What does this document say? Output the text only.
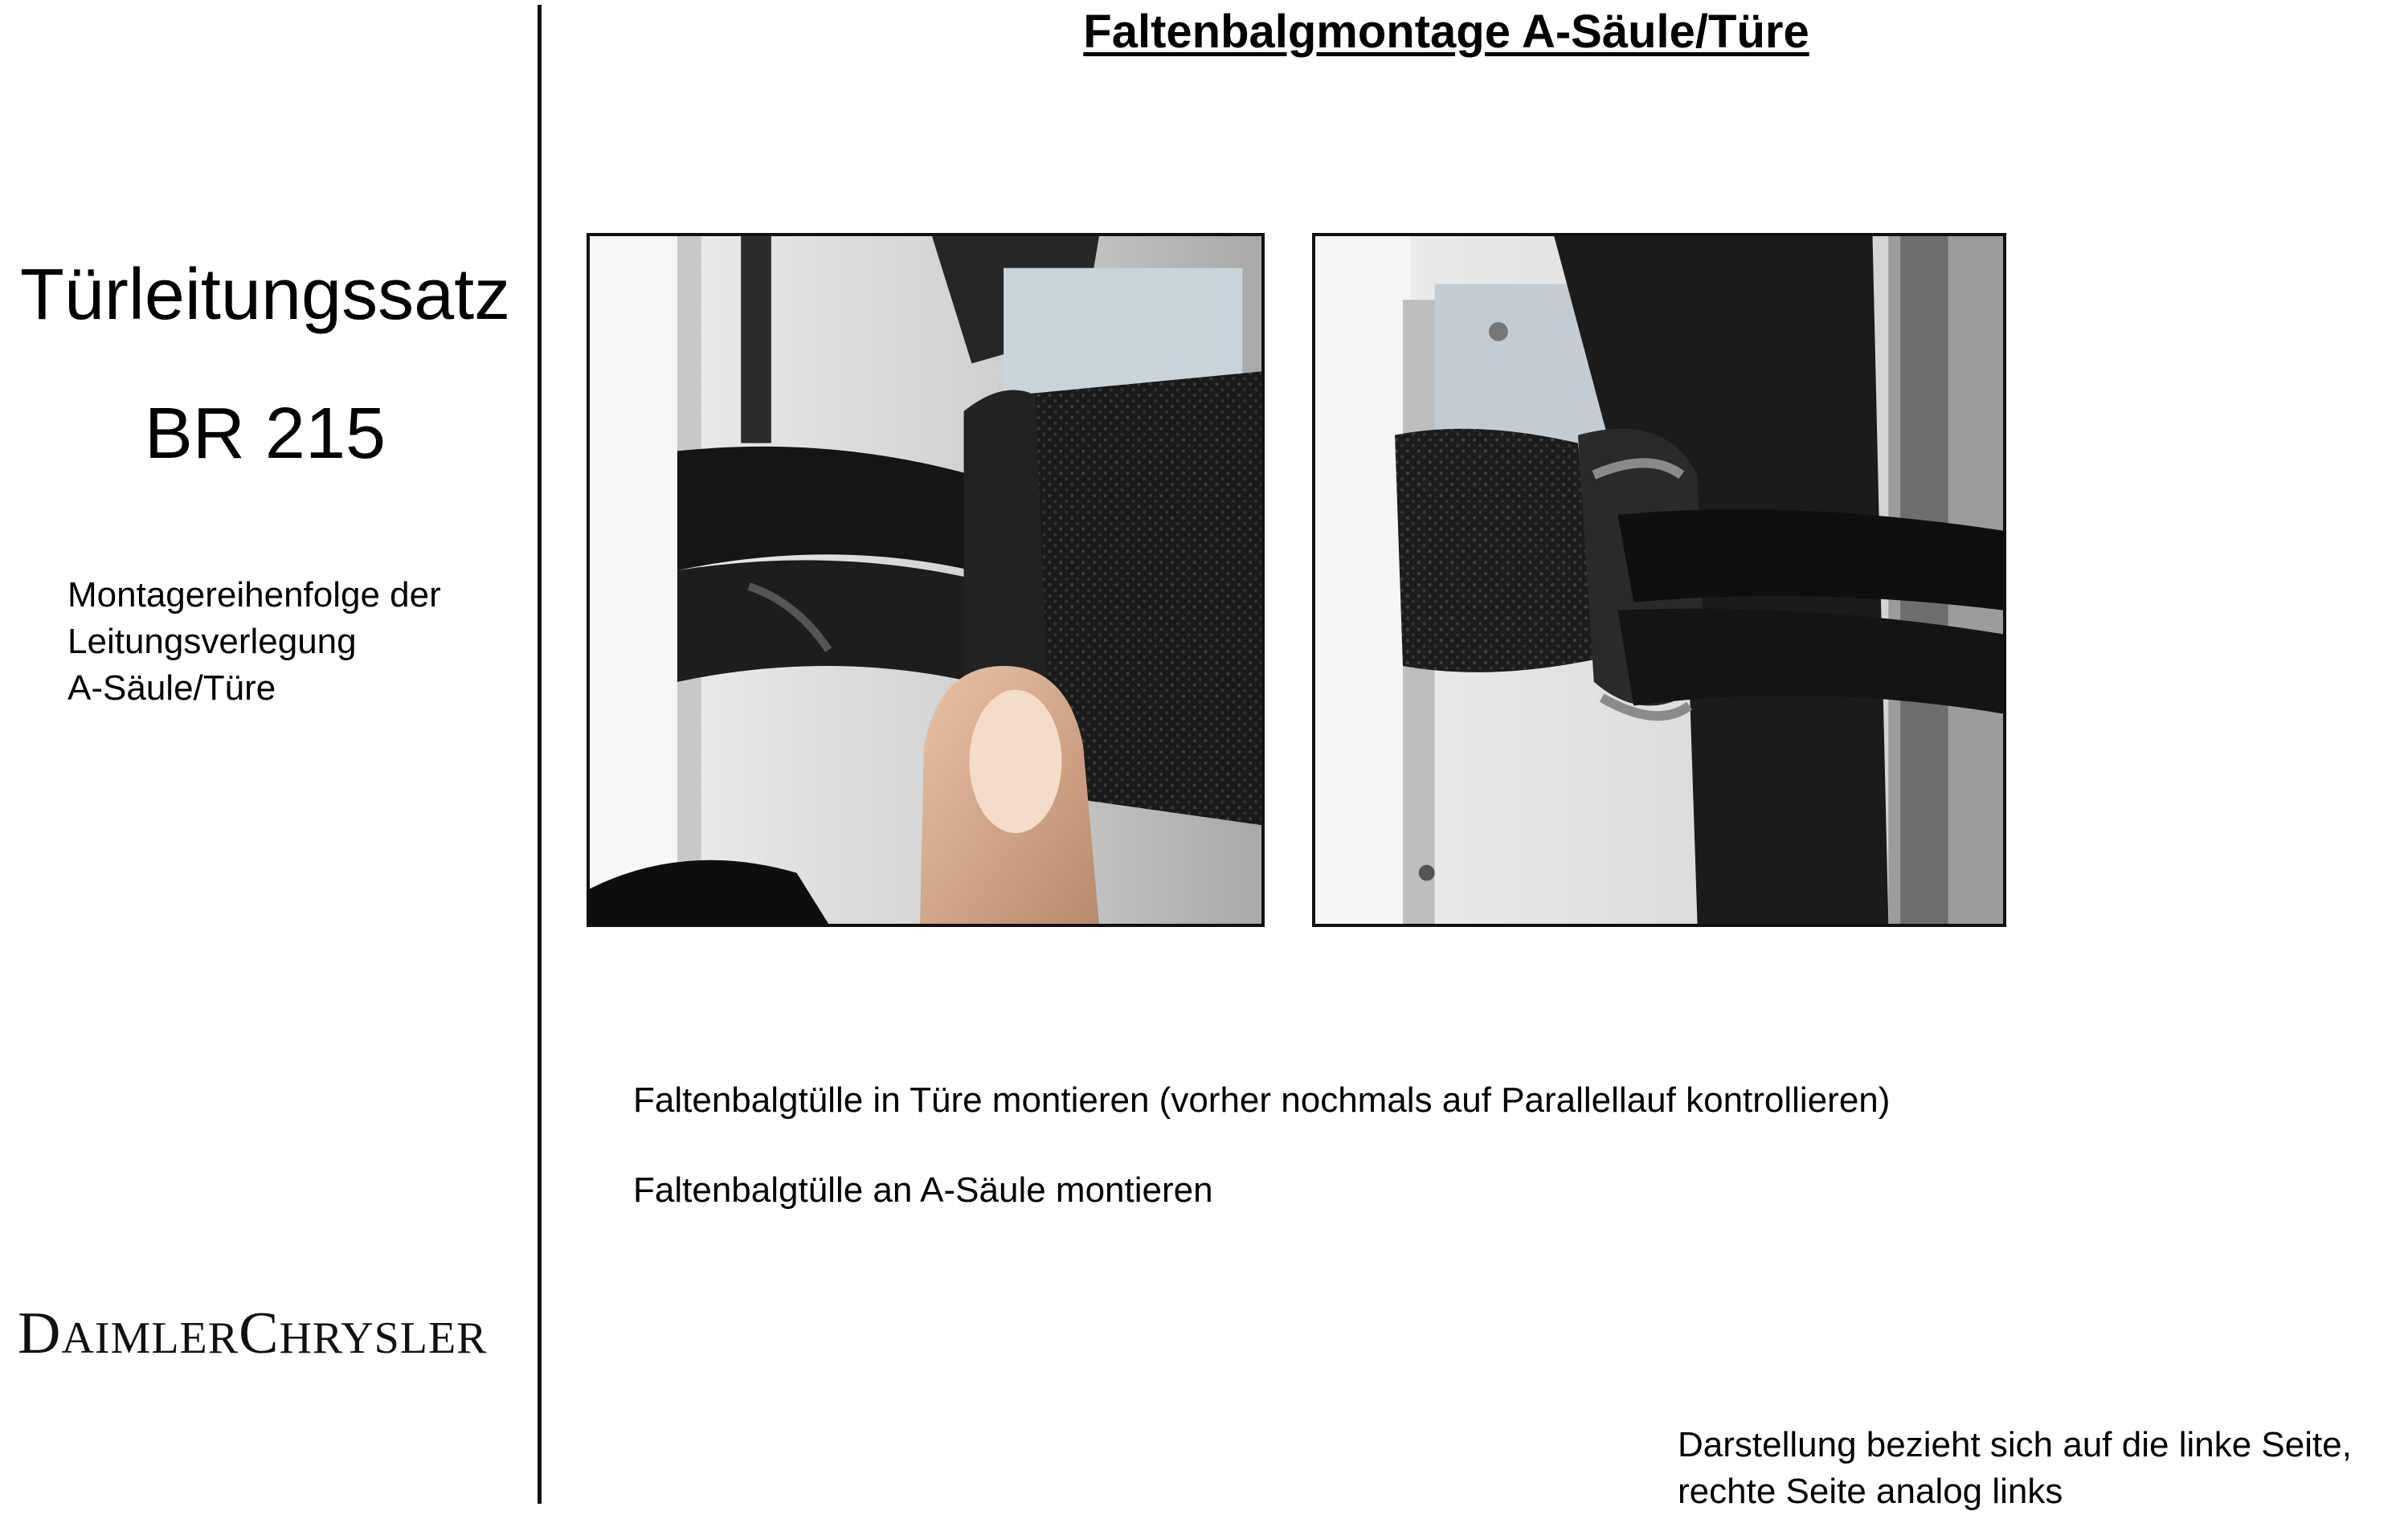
Faltenbalgmontage A-Säule/Türe
Türleitungssatz
BR 215
Montagereihenfolge der
Leitungsverlegung
A-Säule/Türe
DAIMLERCHRYSLER
Faltenbalgtülle in Türe montieren (vorher nochmals auf Parallellauf kontrollieren)
Faltenbalgtülle an A-Säule montieren
Darstellung bezieht sich auf die linke Seite,
rechte Seite analog links
